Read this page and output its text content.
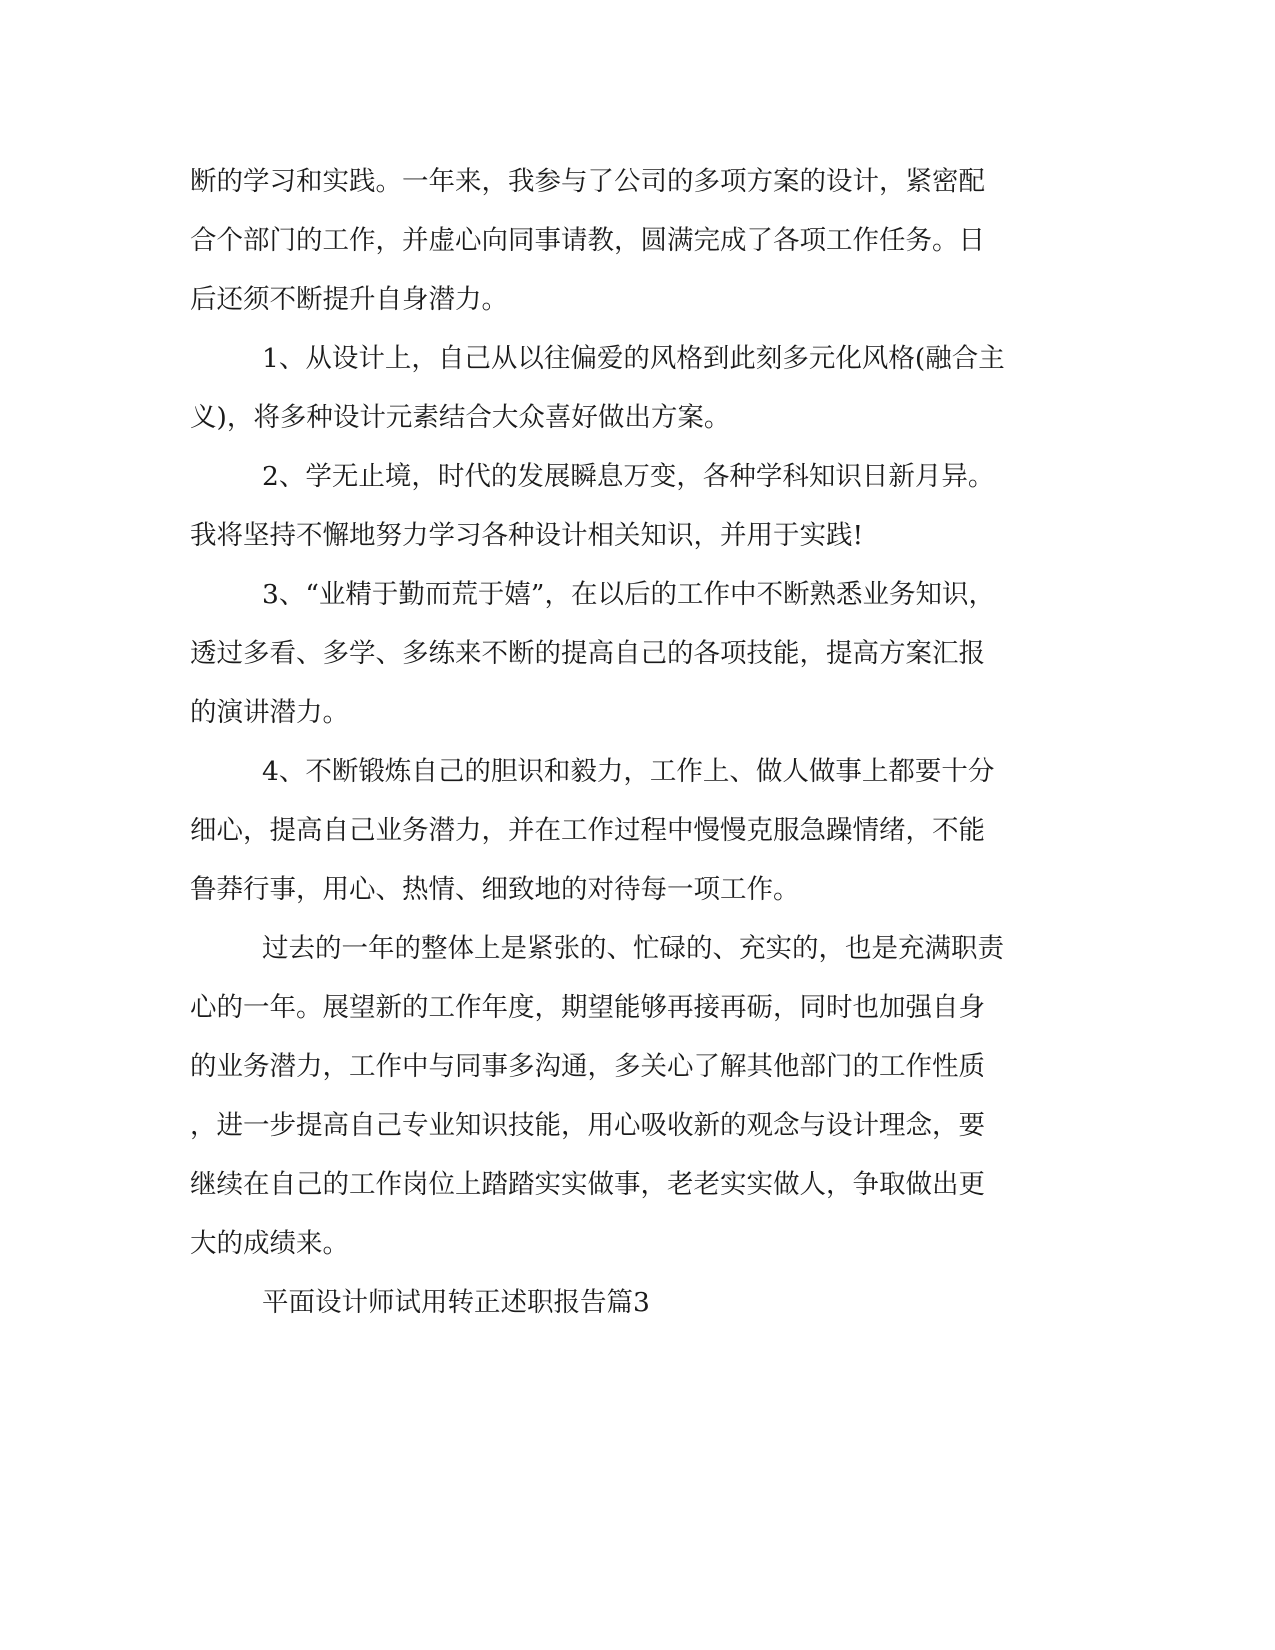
断的学习和实践。一年来，我参与了公司的多项方案的设计，紧密配

合个部门的工作，并虚心向同事请教，圆满完成了各项工作任务。日

后还须不断提升自身潜力。

1、从设计上，自己从以往偏爱的风格到此刻多元化风格(融合主

义)，将多种设计元素结合大众喜好做出方案。

2、学无止境，时代的发展瞬息万变，各种学科知识日新月异。

我将坚持不懈地努力学习各种设计相关知识，并用于实践!

3、“业精于勤而荒于嬉”，在以后的工作中不断熟悉业务知识，

透过多看、多学、多练来不断的提高自己的各项技能，提高方案汇报

的演讲潜力。

4、不断锻炼自己的胆识和毅力，工作上、做人做事上都要十分

细心，提高自己业务潜力，并在工作过程中慢慢克服急躁情绪，不能

鲁莽行事，用心、热情、细致地的对待每一项工作。

过去的一年的整体上是紧张的、忙碌的、充实的，也是充满职责

心的一年。展望新的工作年度，期望能够再接再砺，同时也加强自身

的业务潜力，工作中与同事多沟通，多关心了解其他部门的工作性质

，进一步提高自己专业知识技能，用心吸收新的观念与设计理念，要

继续在自己的工作岗位上踏踏实实做事，老老实实做人，争取做出更

大的成绩来。

平面设计师试用转正述职报告篇3
